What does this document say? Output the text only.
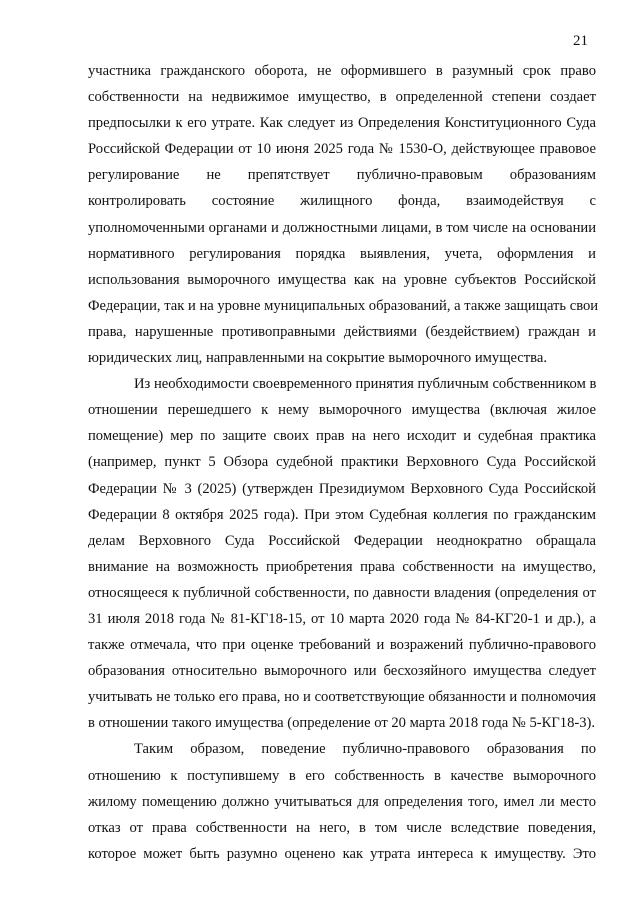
21
участника гражданского оборота, не оформившего в разумный срок право
собственности на недвижимое имущество, в определенной степени создает
предпосылки к его утрате. Как следует из Определения Конституционного Суда
Российской Федерации от 10 июня 2025 года № 1530-О, действующее правовое
регулирование не препятствует публично-правовым образованиям
контролировать состояние жилищного фонда, взаимодействуя с
уполномоченными органами и должностными лицами, в том числе на основании
нормативного регулирования порядка выявления, учета, оформления и
использования выморочного имущества как на уровне субъектов Российской
Федерации, так и на уровне муниципальных образований, а также защищать свои
права, нарушенные противоправными действиями (бездействием) граждан и
юридических лиц, направленными на сокрытие выморочного имущества.
Из необходимости своевременного принятия публичным собственником в
отношении перешедшего к нему выморочного имущества (включая жилое
помещение) мер по защите своих прав на него исходит и судебная практика
(например, пункт 5 Обзора судебной практики Верховного Суда Российской
Федерации № 3 (2025) (утвержден Президиумом Верховного Суда Российской
Федерации 8 октября 2025 года). При этом Судебная коллегия по гражданским
делам Верховного Суда Российской Федерации неоднократно обращала
внимание на возможность приобретения права собственности на имущество,
относящееся к публичной собственности, по давности владения (определения от
31 июля 2018 года № 81-КГ18-15, от 10 марта 2020 года № 84-КГ20-1 и др.), а
также отмечала, что при оценке требований и возражений публично-правового
образования относительно выморочного или бесхозяйного имущества следует
учитывать не только его права, но и соответствующие обязанности и полномочия
в отношении такого имущества (определение от 20 марта 2018 года № 5-КГ18-3).
Таким образом, поведение публично-правового образования по
отношению к поступившему в его собственность в качестве выморочного
жилому помещению должно учитываться для определения того, имел ли место
отказ от права собственности на него, в том числе вследствие поведения,
которое может быть разумно оценено как утрата интереса к имуществу. Это
